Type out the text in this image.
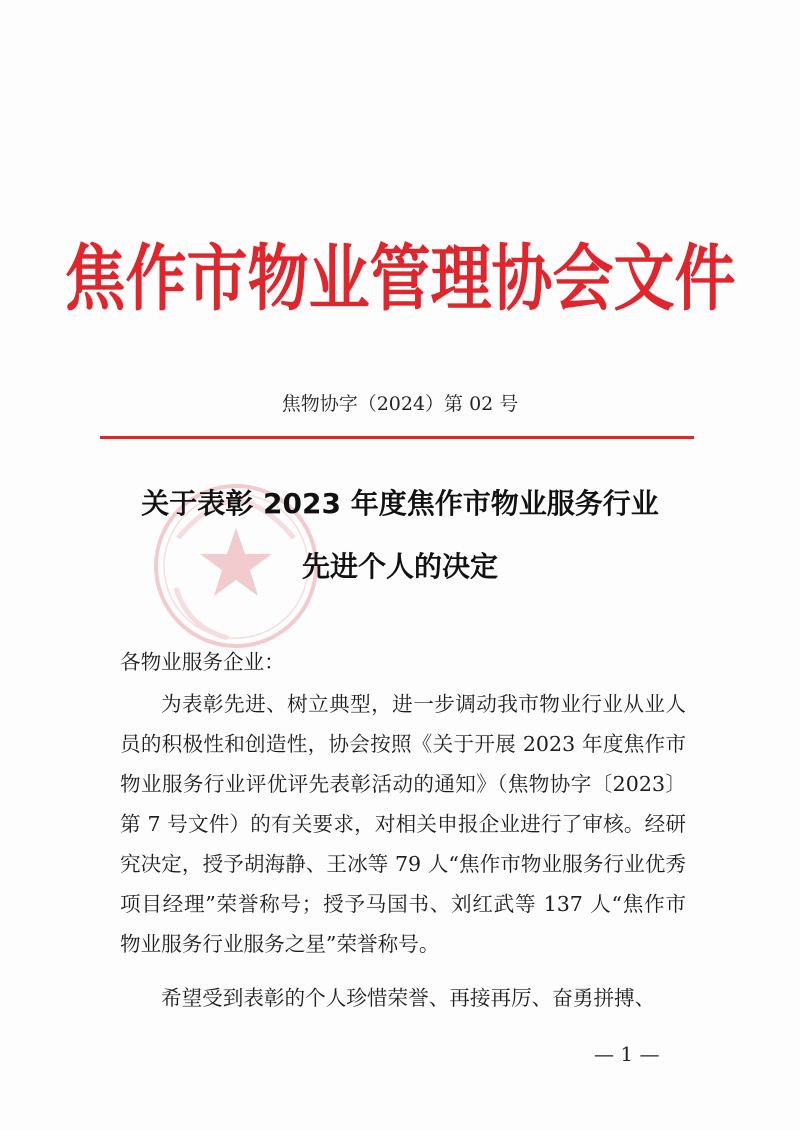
焦作市物业管理协会文件
焦物协字（2024）第 02 号
关于表彰 2023 年度焦作市物业服务行业
先进个人的决定
各物业服务企业：
为表彰先进、树立典型，进一步调动我市物业行业从业人员的积极性和创造性，协会按照《关于开展 2023 年度焦作市物业服务行业评优评先表彰活动的通知》（焦物协字〔2023〕第 7 号文件）的有关要求，对相关申报企业进行了审核。经研究决定，授予胡海静、王冰等 79 人“焦作市物业服务行业优秀项目经理”荣誉称号；授予马国书、刘红武等 137 人“焦作市物业服务行业服务之星”荣誉称号。
希望受到表彰的个人珍惜荣誉、再接再厉、奋勇拼搏、
— 1 —
